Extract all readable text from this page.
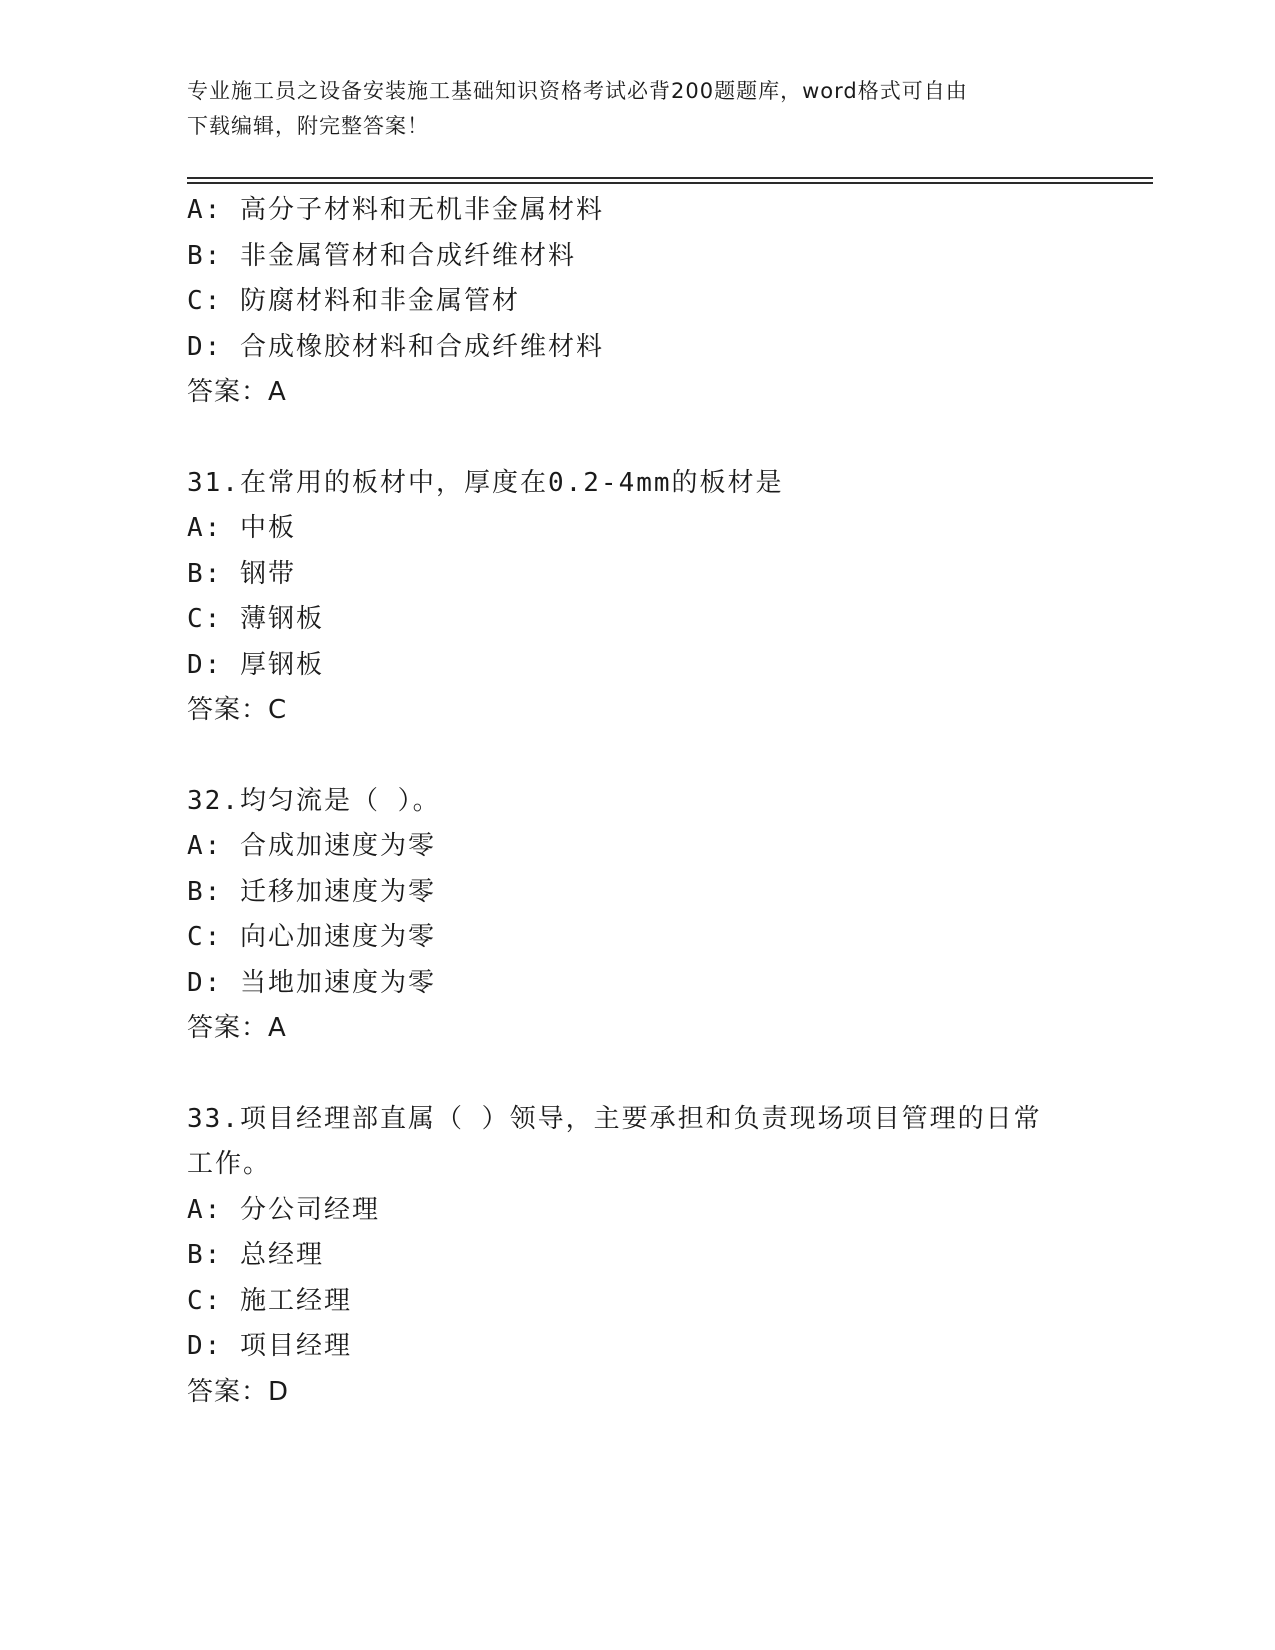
专业施工员之设备安装施工基础知识资格考试必背200题题库，word格式可自由
下载编辑，附完整答案！
A: 高分子材料和无机非金属材料
B: 非金属管材和合成纤维材料
C: 防腐材料和非金属管材
D: 合成橡胶材料和合成纤维材料
答案：A
31.在常用的板材中，厚度在0.2-4mm的板材是
A: 中板
B: 钢带
C: 薄钢板
D: 厚钢板
答案：C
32.均匀流是（ ）。
A: 合成加速度为零
B: 迁移加速度为零
C: 向心加速度为零
D: 当地加速度为零
答案：A
33.项目经理部直属（ ）领导，主要承担和负责现场项目管理的日常工作。
A: 分公司经理
B: 总经理
C: 施工经理
D: 项目经理
答案：D
